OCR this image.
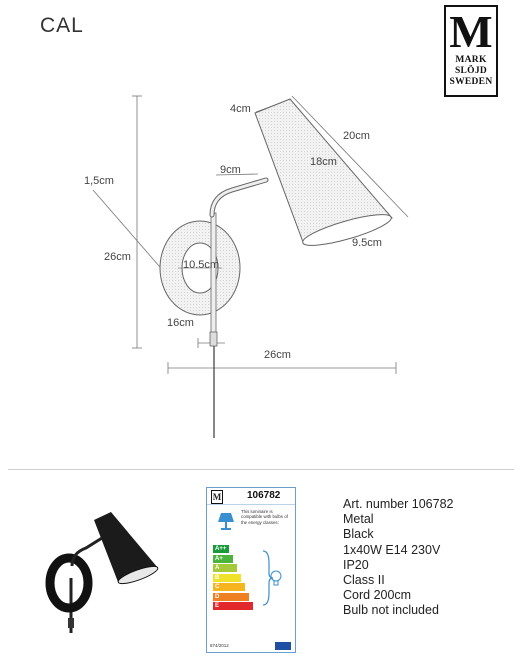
CAL	M
MARK
SLÖJD
SWEDEN
4cm
20cm
18cm
9cm
1,5cm
26cm
10.5cm
9.5cm
16cm
26cm
M	106782
This luminaire is compatible with bulbs of the energy classes:
A++
A+
A
B
C
D
E
874/2012
Art. number 106782
Metal
Black
1x40W E14 230V
IP20
Class II
Cord 200cm
Bulb not included
